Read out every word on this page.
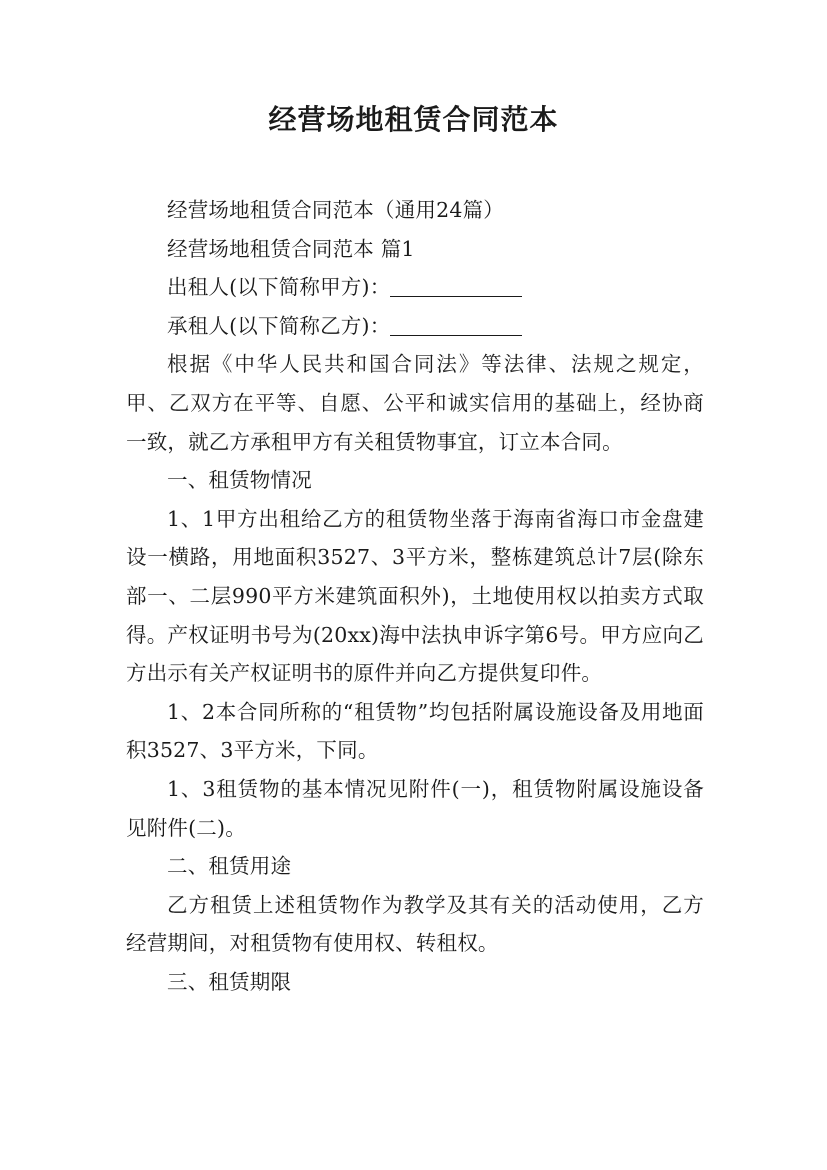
经营场地租赁合同范本

经营场地租赁合同范本（通用24篇）

经营场地租赁合同范本 篇1

出租人(以下简称甲方)：

承租人(以下简称乙方)：

根据《中华人民共和国合同法》等法律、法规之规定，甲、乙双方在平等、自愿、公平和诚实信用的基础上，经协商一致，就乙方承租甲方有关租赁物事宜，订立本合同。

一、租赁物情况

1、1甲方出租给乙方的租赁物坐落于海南省海口市金盘建设一横路，用地面积3527、3平方米，整栋建筑总计7层(除东部一、二层990平方米建筑面积外)，土地使用权以拍卖方式取得。产权证明书号为(20xx)海中法执申诉字第6号。甲方应向乙方出示有关产权证明书的原件并向乙方提供复印件。

1、2本合同所称的“租赁物”均包括附属设施设备及用地面积3527、3平方米，下同。

1、3租赁物的基本情况见附件(一)，租赁物附属设施设备见附件(二)。

二、租赁用途

乙方租赁上述租赁物作为教学及其有关的活动使用，乙方经营期间，对租赁物有使用权、转租权。

三、租赁期限
